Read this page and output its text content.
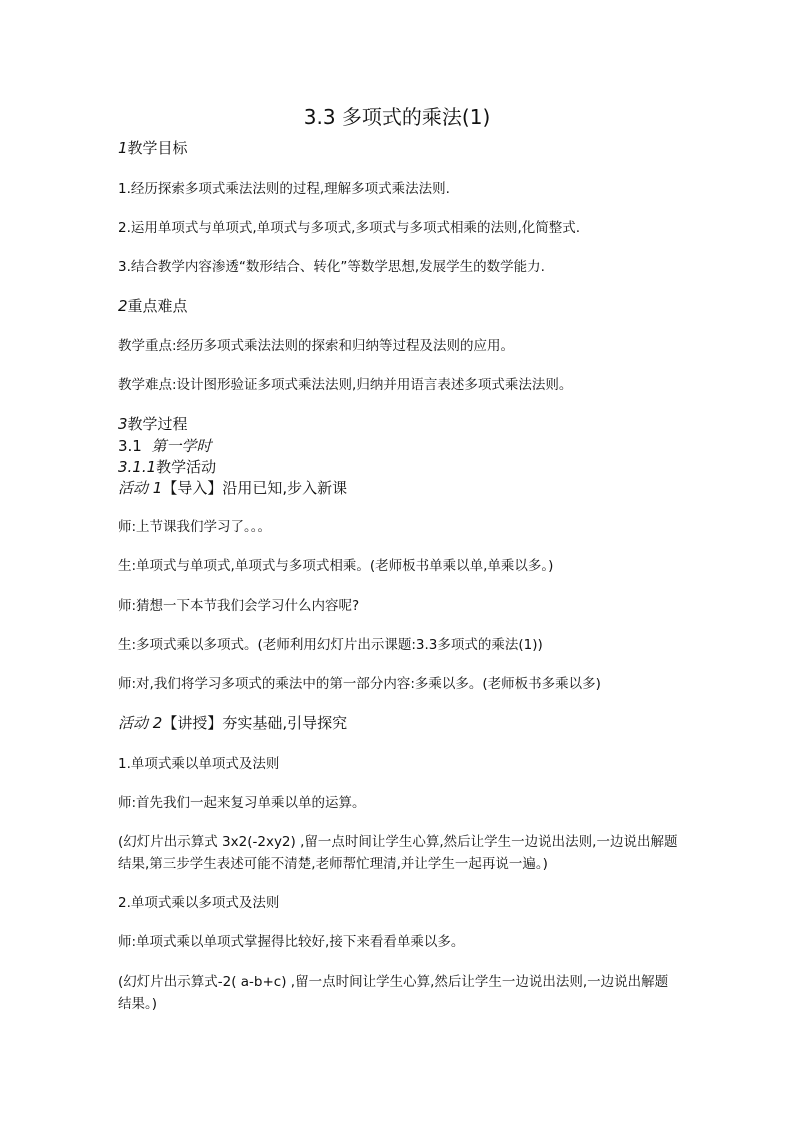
3.3 多项式的乘法(1)
1教学目标
1.经历探索多项式乘法法则的过程,理解多项式乘法法则.
2.运用单项式与单项式,单项式与多项式,多项式与多项式相乘的法则,化简整式.
3.结合教学内容渗透“数形结合、转化”等数学思想,发展学生的数学能力.
2重点难点
教学重点:经历多项式乘法法则的探索和归纳等过程及法则的应用。
教学难点:设计图形验证多项式乘法法则,归纳并用语言表述多项式乘法法则。
3教学过程
3.1 第一学时
3.1.1教学活动
活动 1【导入】沿用已知,步入新课
师:上节课我们学习了。。。
生:单项式与单项式,单项式与多项式相乘。(老师板书单乘以单,单乘以多。)
师:猜想一下本节我们会学习什么内容呢?
生:多项式乘以多项式。(老师利用幻灯片出示课题:3.3多项式的乘法(1))
师:对,我们将学习多项式的乘法中的第一部分内容:多乘以多。(老师板书多乘以多)
活动 2【讲授】夯实基础,引导探究
1.单项式乘以单项式及法则
师:首先我们一起来复习单乘以单的运算。
(幻灯片出示算式 3x2(-2xy2) ,留一点时间让学生心算,然后让学生一边说出法则,一边说出解题结果,第三步学生表述可能不清楚,老师帮忙理清,并让学生一起再说一遍。)
2.单项式乘以多项式及法则
师:单项式乘以单项式掌握得比较好,接下来看看单乘以多。
(幻灯片出示算式-2( a-b+c) ,留一点时间让学生心算,然后让学生一边说出法则,一边说出解题结果。)
